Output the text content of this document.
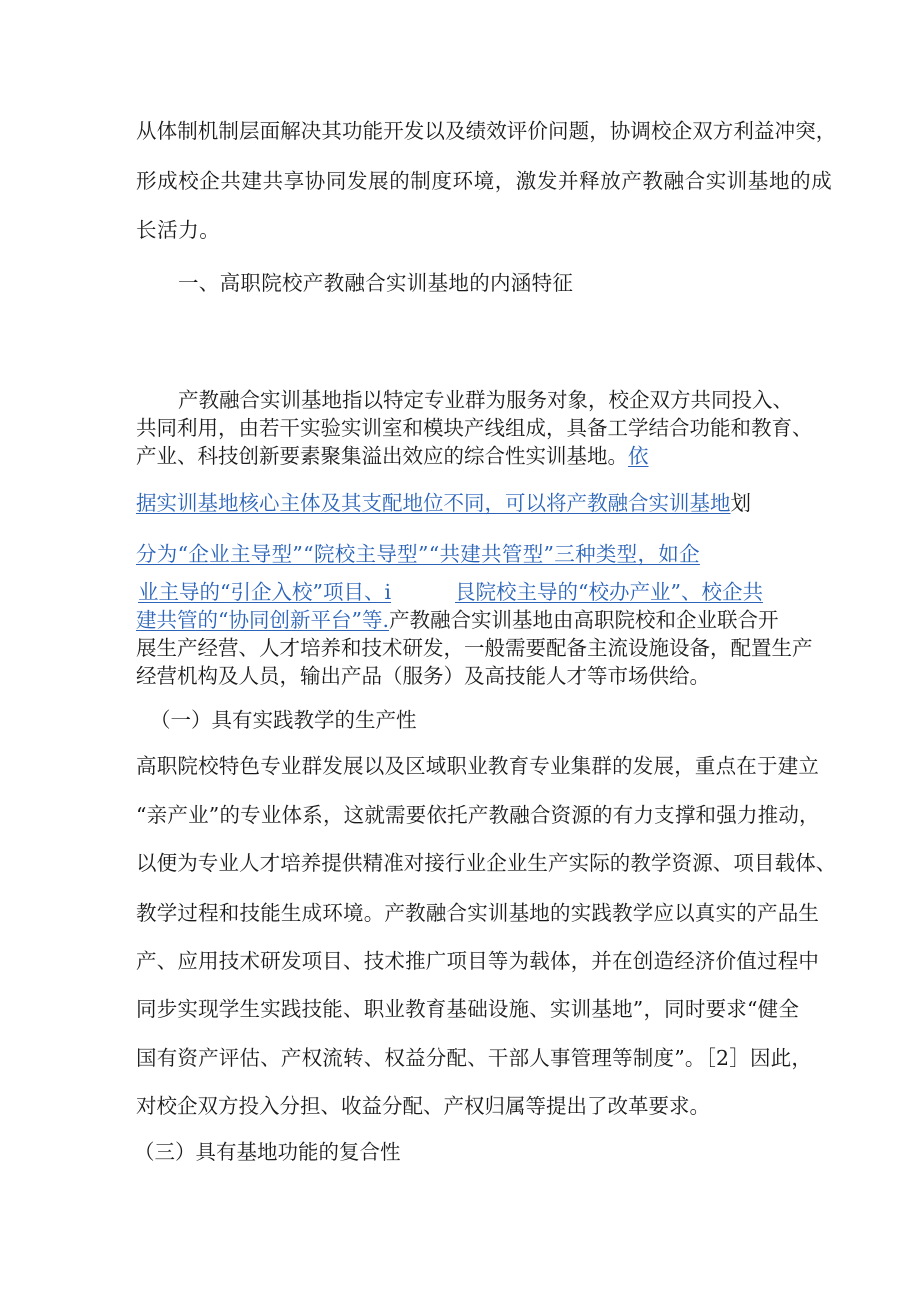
从体制机制层面解决其功能开发以及绩效评价问题，协调校企双方利益冲突，
形成校企共建共享协同发展的制度环境，激发并释放产教融合实训基地的成
长活力。
一、高职院校产教融合实训基地的内涵特征
产教融合实训基地指以特定专业群为服务对象，校企双方共同投入、
共同利用，由若干实验实训室和模块产线组成，具备工学结合功能和教育、
产业、科技创新要素聚集溢出效应的综合性实训基地。依
据实训基地核心主体及其支配地位不同，可以将产教融合实训基地划
分为“企业主导型”“院校主导型”“共建共管型”三种类型，如企
业主导的“引企入校”项目、i	艮院校主导的“校办产业”、校企共
建共管的“协同创新平台”等.产教融合实训基地由高职院校和企业联合开
展生产经营、人才培养和技术研发，一般需要配备主流设施设备，配置生产
经营机构及人员，输出产品（服务）及高技能人才等市场供给。
（一）具有实践教学的生产性
高职院校特色专业群发展以及区域职业教育专业集群的发展，重点在于建立
“亲产业”的专业体系，这就需要依托产教融合资源的有力支撑和强力推动，
以便为专业人才培养提供精准对接行业企业生产实际的教学资源、项目载体、
教学过程和技能生成环境。产教融合实训基地的实践教学应以真实的产品生
产、应用技术研发项目、技术推广项目等为载体，并在创造经济价值过程中
同步实现学生实践技能、职业教育基础设施、实训基地”，同时要求“健全
国有资产评估、产权流转、权益分配、干部人事管理等制度”。［2］因此，
对校企双方投入分担、收益分配、产权归属等提出了改革要求。
（三）具有基地功能的复合性
